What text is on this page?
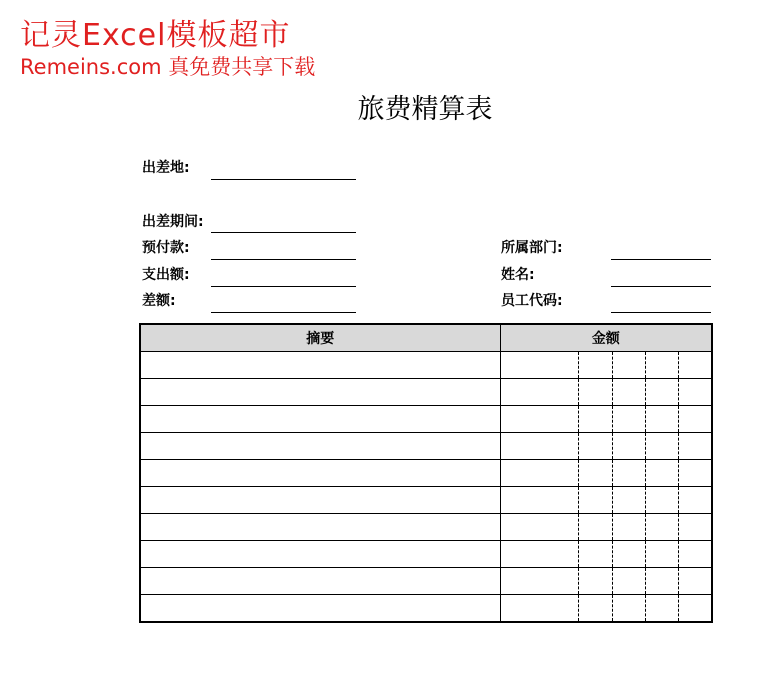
记灵Excel模板超市
Remeins.com 真免费共享下载
旅费精算表
出差地:
出差期间:
预付款:
支出额:
差额:
所属部门:
姓名:
员工代码:
摘要	金额				
